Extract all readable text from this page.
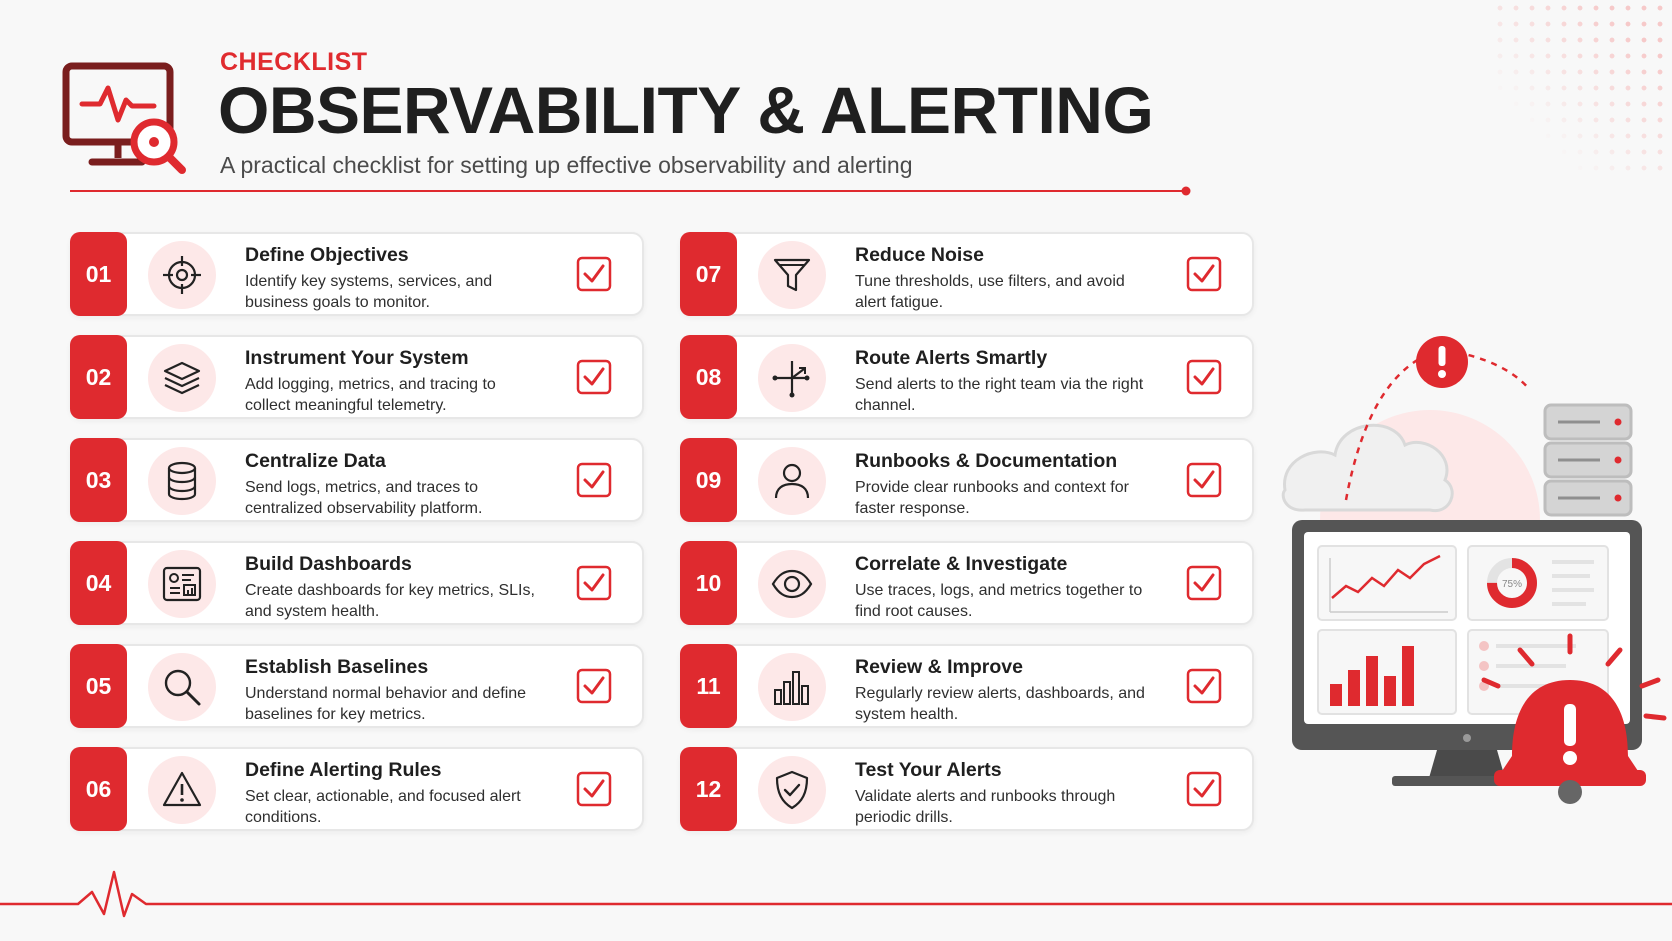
CHECKLIST

OBSERVABILITY & ALERTING

A practical checklist for setting up effective observability and alerting

01
Define Objectives

Identify key systems, services, and business goals to monitor.

02
Instrument Your System

Add logging, metrics, and tracing to collect meaningful telemetry.

03
Centralize Data

Send logs, metrics, and traces to centralized observability platform.

04
Build Dashboards

Create dashboards for key metrics, SLIs, and system health.

05
Establish Baselines

Understand normal behavior and define baselines for key metrics.

06
Define Alerting Rules

Set clear, actionable, and focused alert conditions.

07
Reduce Noise

Tune thresholds, use filters, and avoid alert fatigue.

08
Route Alerts Smartly

Send alerts to the right team via the right channel.

09
Runbooks & Documentation

Provide clear runbooks and context for faster response.

10
Correlate & Investigate

Use traces, logs, and metrics together to find root causes.

11
Review & Improve

Regularly review alerts, dashboards, and system health.

12
Test Your Alerts

Validate alerts and runbooks through periodic drills.

75%
